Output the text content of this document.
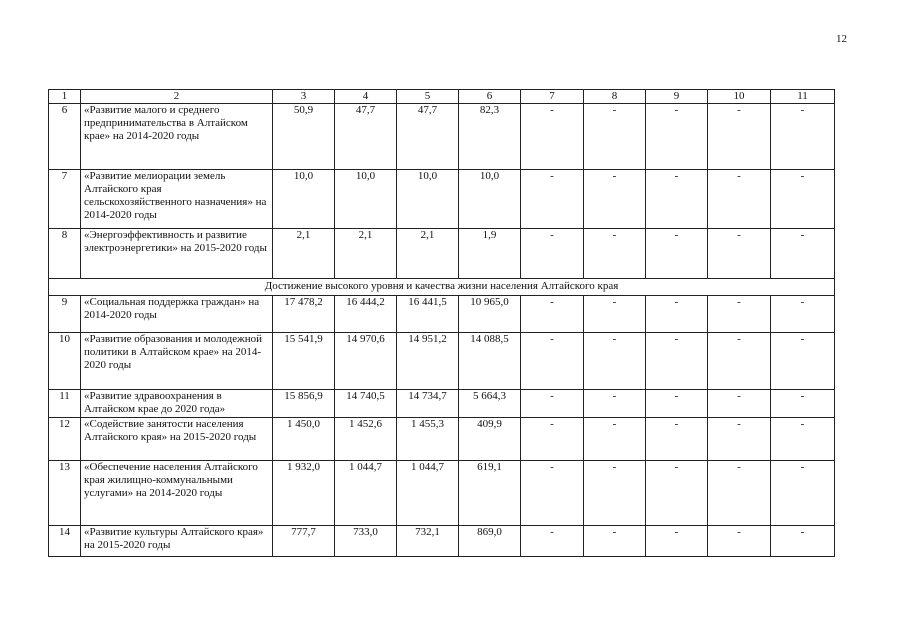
12
1	2	3	4	5	6	7	8	9	10	11
6	«Развитие малого и среднего предпринимательства в Алтайском крае» на 2014-2020 годы	50,9	47,7	47,7	82,3	-	-	-	-	-
7	«Развитие мелиорации земель Алтайского края сельскохозяйственного назначения» на 2014-2020 годы	10,0	10,0	10,0	10,0	-	-	-	-	-
8	«Энергоэффективность и развитие электроэнергетики» на 2015-2020 годы	2,1	2,1	2,1	1,9	-	-	-	-	-
Достижение высокого уровня и качества жизни населения Алтайского края										
9	«Социальная поддержка граждан» на 2014-2020 годы	17 478,2	16 444,2	16 441,5	10 965,0	-	-	-	-	-
10	«Развитие образования и молодежной политики в Алтайском крае» на 2014-2020 годы	15 541,9	14 970,6	14 951,2	14 088,5	-	-	-	-	-
11	«Развитие здравоохранения в Алтайском крае до 2020 года»	15 856,9	14 740,5	14 734,7	5 664,3	-	-	-	-	-
12	«Содействие занятости населения Алтайского края» на 2015-2020 годы	1 450,0	1 452,6	1 455,3	409,9	-	-	-	-	-
13	«Обеспечение населения Алтайского края жилищно-коммунальными услугами» на 2014-2020 годы	1 932,0	1 044,7	1 044,7	619,1	-	-	-	-	-
14	«Развитие культуры Алтайского края» на 2015-2020 годы	777,7	733,0	732,1	869,0	-	-	-	-	-
